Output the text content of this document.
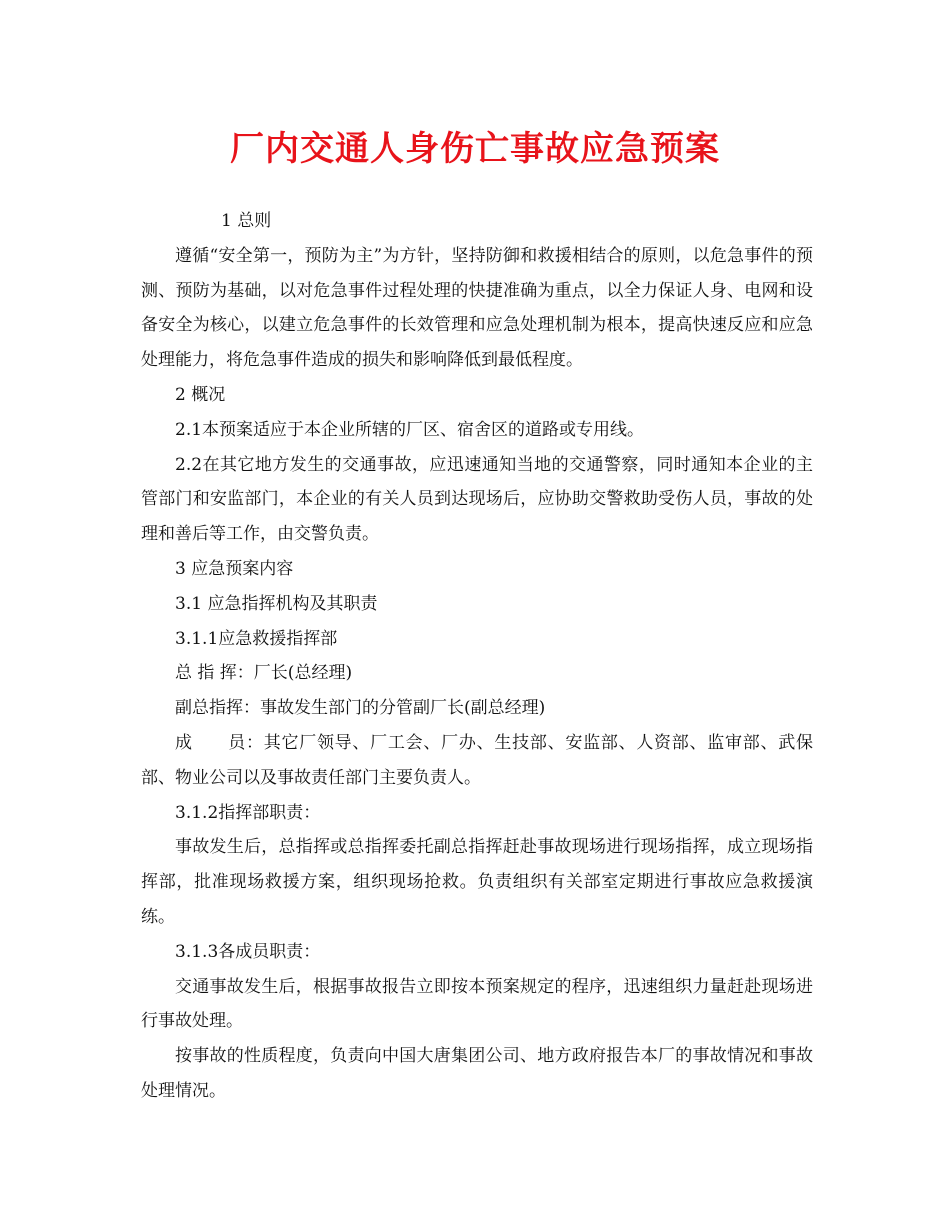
厂内交通人身伤亡事故应急预案

1 总则

遵循“安全第一，预防为主”为方针，坚持防御和救援相结合的原则，以危急事件的预测、预防为基础，以对危急事件过程处理的快捷准确为重点，以全力保证人身、电网和设备安全为核心，以建立危急事件的长效管理和应急处理机制为根本，提高快速反应和应急处理能力，将危急事件造成的损失和影响降低到最低程度。

2 概况

2.1本预案适应于本企业所辖的厂区、宿舍区的道路或专用线。

2.2在其它地方发生的交通事故，应迅速通知当地的交通警察，同时通知本企业的主管部门和安监部门，本企业的有关人员到达现场后，应协助交警救助受伤人员，事故的处理和善后等工作，由交警负责。

3 应急预案内容

3.1 应急指挥机构及其职责

3.1.1应急救援指挥部

总 指 挥：厂长(总经理)

副总指挥：事故发生部门的分管副厂长(副总经理)

成　　员：其它厂领导、厂工会、厂办、生技部、安监部、人资部、监审部、武保部、物业公司以及事故责任部门主要负责人。

3.1.2指挥部职责：

事故发生后，总指挥或总指挥委托副总指挥赶赴事故现场进行现场指挥，成立现场指挥部，批准现场救援方案，组织现场抢救。负责组织有关部室定期进行事故应急救援演练。

3.1.3各成员职责：

交通事故发生后，根据事故报告立即按本预案规定的程序，迅速组织力量赶赴现场进行事故处理。

按事故的性质程度，负责向中国大唐集团公司、地方政府报告本厂的事故情况和事故处理情况。
